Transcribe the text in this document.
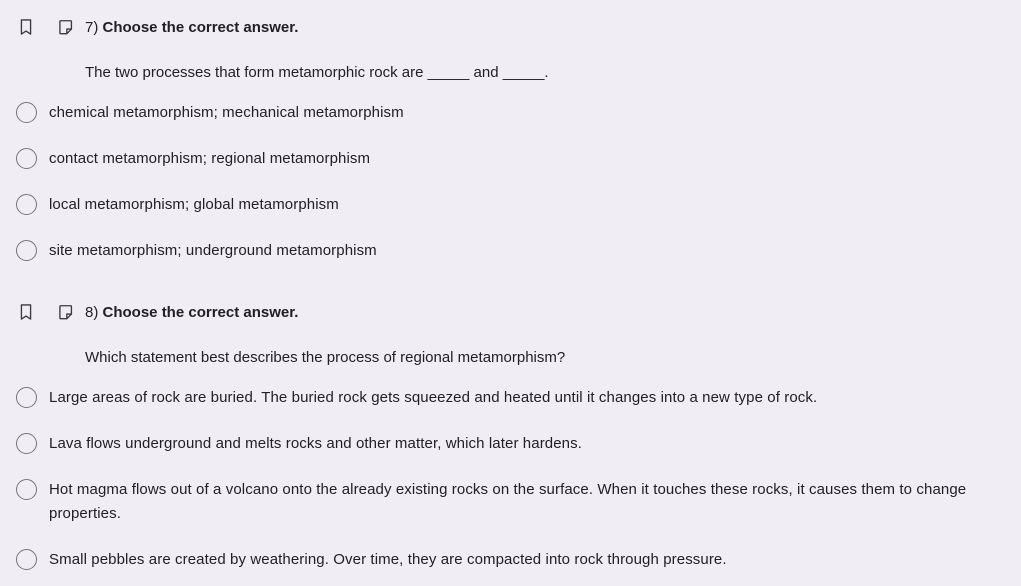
7) Choose the correct answer.
The two processes that form metamorphic rock are _____ and _____.
chemical metamorphism; mechanical metamorphism
contact metamorphism; regional metamorphism
local metamorphism; global metamorphism
site metamorphism; underground metamorphism
8) Choose the correct answer.
Which statement best describes the process of regional metamorphism?
Large areas of rock are buried. The buried rock gets squeezed and heated until it changes into a new type of rock.
Lava flows underground and melts rocks and other matter, which later hardens.
Hot magma flows out of a volcano onto the already existing rocks on the surface. When it touches these rocks, it causes them to change properties.
Small pebbles are created by weathering. Over time, they are compacted into rock through pressure.
